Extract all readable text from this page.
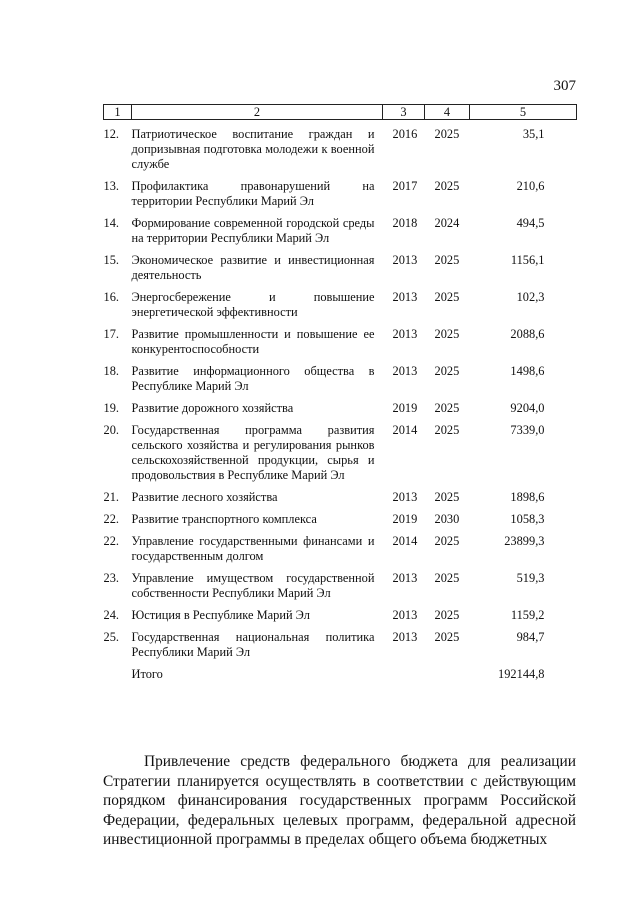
307
1	2	3	4	5

12.	Патриотическое воспитание граждан и допризывная подготовка молодежи к военной службе	2016	2025	35,1

13.	Профилактика правонарушений на территории Республики Марий Эл	2017	2025	210,6

14.	Формирование современной городской среды на территории Республики Марий Эл	2018	2024	494,5

15.	Экономическое развитие и инвестиционная деятельность	2013	2025	1156,1

16.	Энергосбережение и повышение энергетической эффективности	2013	2025	102,3

17.	Развитие промышленности и повышение ее конкурентоспособности	2013	2025	2088,6

18.	Развитие информационного общества в Республике Марий Эл	2013	2025	1498,6

19.	Развитие дорожного хозяйства	2019	2025	9204,0

20.	Государственная программа развития сельского хозяйства и регулирования рынков сельскохозяйственной продукции, сырья и продовольствия в Республике Марий Эл	2014	2025	7339,0

21.	Развитие лесного хозяйства	2013	2025	1898,6

22.	Развитие транспортного комплекса	2019	2030	1058,3

22.	Управление государственными финансами и государственным долгом	2014	2025	23899,3

23.	Управление имуществом государственной собственности Республики Марий Эл	2013	2025	519,3

24.	Юстиция в Республике Марий Эл	2013	2025	1159,2

25.	Государственная национальная политика Республики Марий Эл	2013	2025	984,7

	Итого			192144,8
Привлечение средств федерального бюджета для реализации Стратегии планируется осуществлять в соответствии с действующим порядком финансирования государственных программ Российской Федерации, федеральных целевых программ, федеральной адресной инвестиционной программы в пределах общего объема бюджетных
